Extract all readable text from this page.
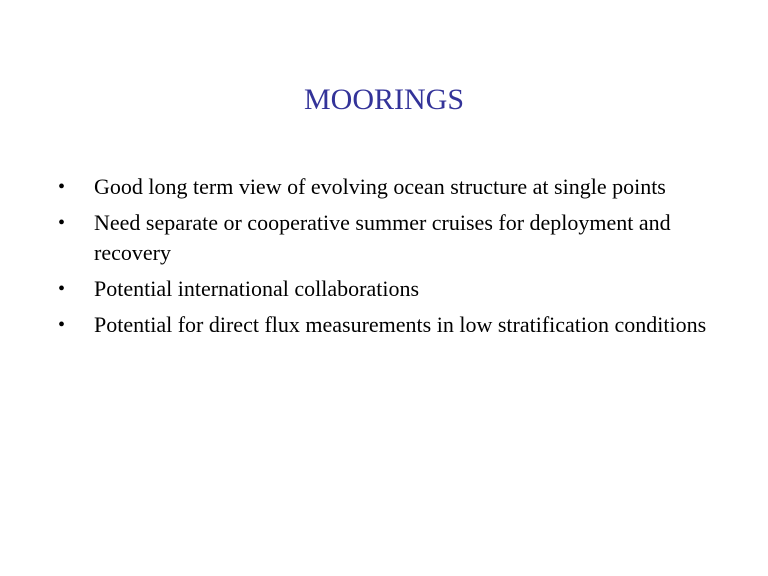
MOORINGS
•	Good long term view of evolving ocean structure at single points
•	Need separate or cooperative summer cruises for deployment and recovery
•	Potential international collaborations
•	Potential for direct flux measurements in low stratification conditions
